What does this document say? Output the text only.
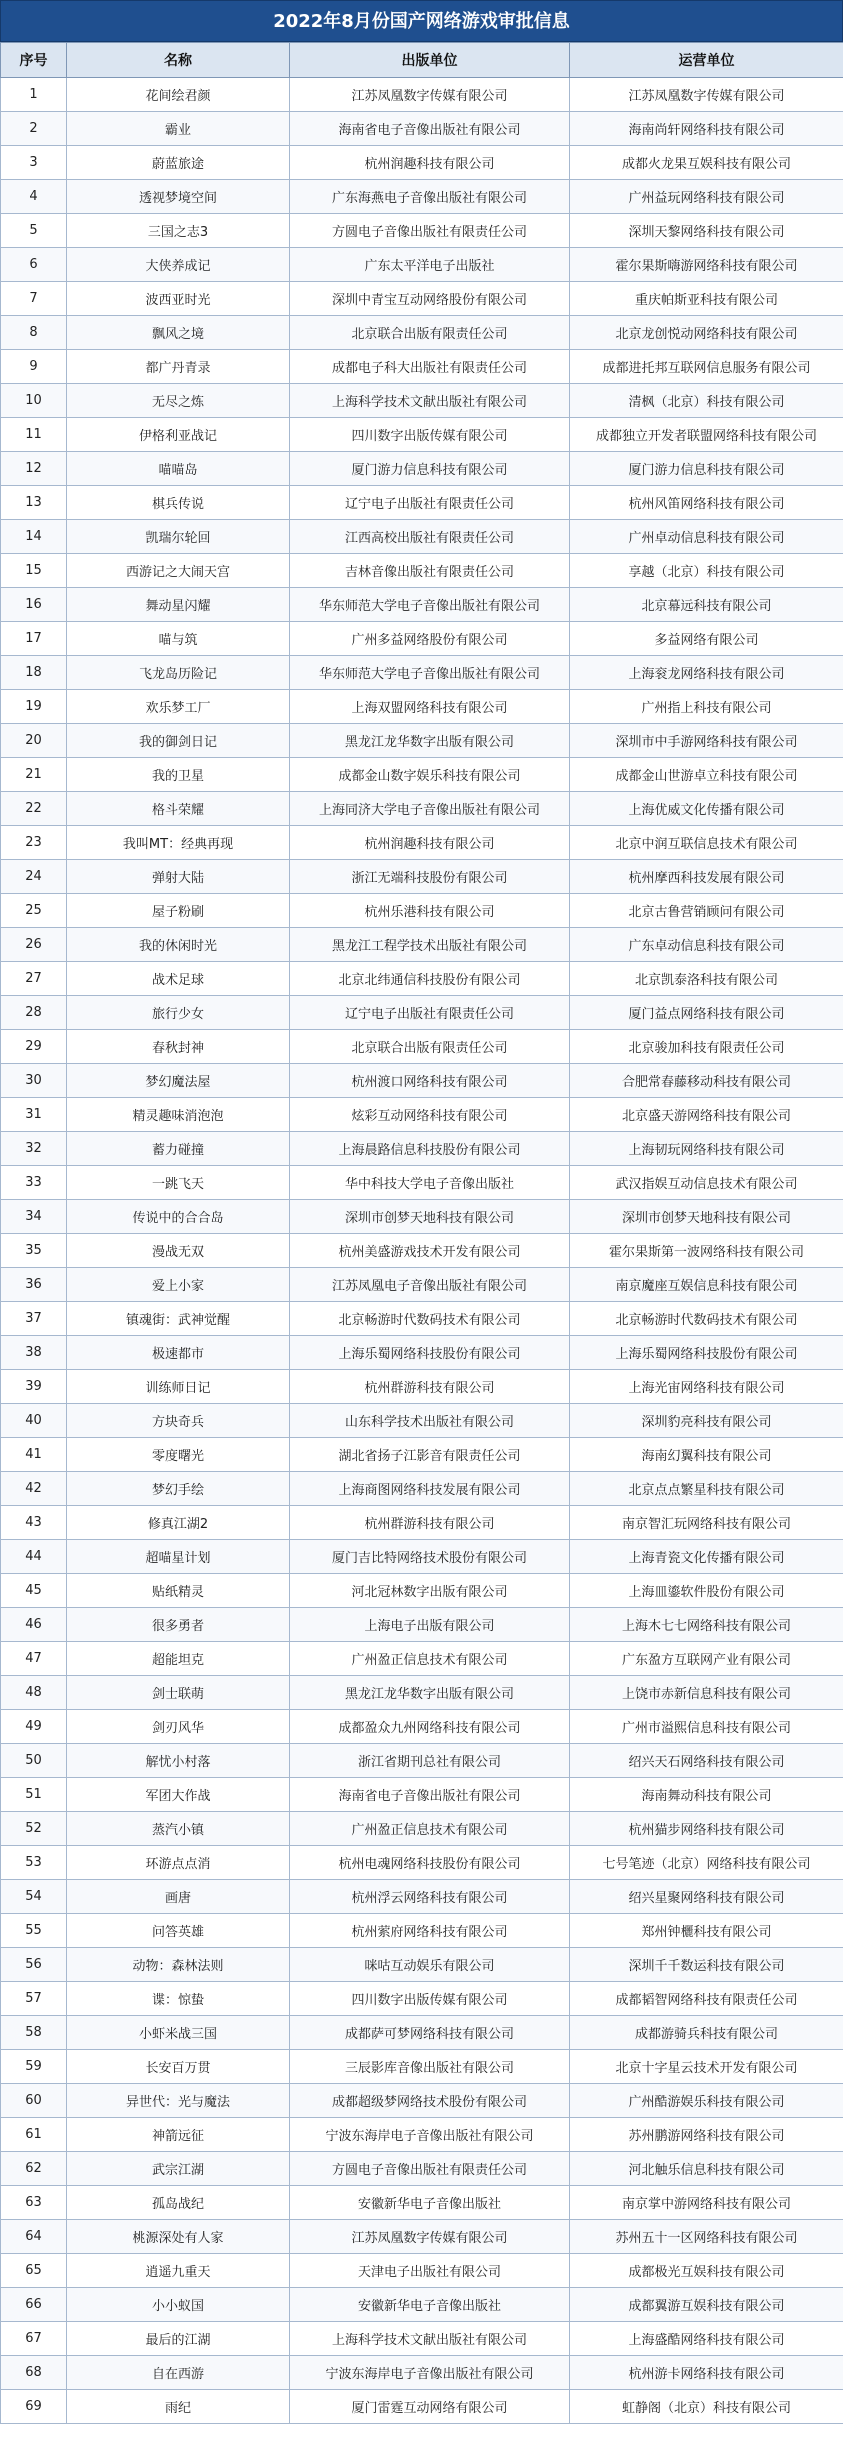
2022年8月份国产网络游戏审批信息
序号	名称	出版单位	运营单位
1	花间绘君颜	江苏凤凰数字传媒有限公司	江苏凤凰数字传媒有限公司
2	霸业	海南省电子音像出版社有限公司	海南尚轩网络科技有限公司
3	蔚蓝旅途	杭州润趣科技有限公司	成都火龙果互娱科技有限公司
4	透视梦境空间	广东海燕电子音像出版社有限公司	广州益玩网络科技有限公司
5	三国之志3	方圆电子音像出版社有限责任公司	深圳天黎网络科技有限公司
6	大侠养成记	广东太平洋电子出版社	霍尔果斯嗨游网络科技有限公司
7	波西亚时光	深圳中青宝互动网络股份有限公司	重庆帕斯亚科技有限公司
8	飘风之境	北京联合出版有限责任公司	北京龙创悦动网络科技有限公司
9	都广丹青录	成都电子科大出版社有限责任公司	成都进托邦互联网信息服务有限公司
10	无尽之炼	上海科学技术文献出版社有限公司	清枫（北京）科技有限公司
11	伊格利亚战记	四川数字出版传媒有限公司	成都独立开发者联盟网络科技有限公司
12	喵喵岛	厦门游力信息科技有限公司	厦门游力信息科技有限公司
13	棋兵传说	辽宁电子出版社有限责任公司	杭州风笛网络科技有限公司
14	凯瑞尔轮回	江西高校出版社有限责任公司	广州卓动信息科技有限公司
15	西游记之大闹天宫	吉林音像出版社有限责任公司	享越（北京）科技有限公司
16	舞动星闪耀	华东师范大学电子音像出版社有限公司	北京幕远科技有限公司
17	喵与筑	广州多益网络股份有限公司	多益网络有限公司
18	飞龙岛历险记	华东师范大学电子音像出版社有限公司	上海衮龙网络科技有限公司
19	欢乐梦工厂	上海双盟网络科技有限公司	广州指上科技有限公司
20	我的御剑日记	黑龙江龙华数字出版有限公司	深圳市中手游网络科技有限公司
21	我的卫星	成都金山数字娱乐科技有限公司	成都金山世游卓立科技有限公司
22	格斗荣耀	上海同济大学电子音像出版社有限公司	上海优威文化传播有限公司
23	我叫MT：经典再现	杭州润趣科技有限公司	北京中润互联信息技术有限公司
24	弹射大陆	浙江无端科技股份有限公司	杭州摩西科技发展有限公司
25	屋子粉刷	杭州乐港科技有限公司	北京古鲁营销顾问有限公司
26	我的休闲时光	黑龙江工程学技术出版社有限公司	广东卓动信息科技有限公司
27	战术足球	北京北纬通信科技股份有限公司	北京凯泰洛科技有限公司
28	旅行少女	辽宁电子出版社有限责任公司	厦门益点网络科技有限公司
29	春秋封神	北京联合出版有限责任公司	北京骏加科技有限责任公司
30	梦幻魔法屋	杭州渡口网络科技有限公司	合肥常春藤移动科技有限公司
31	精灵趣味消泡泡	炫彩互动网络科技有限公司	北京盛天游网络科技有限公司
32	蓄力碰撞	上海晨路信息科技股份有限公司	上海韧玩网络科技有限公司
33	一跳飞天	华中科技大学电子音像出版社	武汉指娱互动信息技术有限公司
34	传说中的合合岛	深圳市创梦天地科技有限公司	深圳市创梦天地科技有限公司
35	漫战无双	杭州美盛游戏技术开发有限公司	霍尔果斯第一波网络科技有限公司
36	爱上小家	江苏凤凰电子音像出版社有限公司	南京魔座互娱信息科技有限公司
37	镇魂街：武神觉醒	北京畅游时代数码技术有限公司	北京畅游时代数码技术有限公司
38	极速都市	上海乐蜀网络科技股份有限公司	上海乐蜀网络科技股份有限公司
39	训练师日记	杭州群游科技有限公司	上海光宙网络科技有限公司
40	方块奇兵	山东科学技术出版社有限公司	深圳豹亮科技有限公司
41	零度曙光	湖北省扬子江影音有限责任公司	海南幻翼科技有限公司
42	梦幻手绘	上海商图网络科技发展有限公司	北京点点繁星科技有限公司
43	修真江湖2	杭州群游科技有限公司	南京智汇玩网络科技有限公司
44	超喵星计划	厦门吉比特网络技术股份有限公司	上海青瓷文化传播有限公司
45	贴纸精灵	河北冠林数字出版有限公司	上海皿鎏软件股份有限公司
46	很多勇者	上海电子出版有限公司	上海木七七网络科技有限公司
47	超能坦克	广州盈正信息技术有限公司	广东盈方互联网产业有限公司
48	剑士联萌	黑龙江龙华数字出版有限公司	上饶市赤新信息科技有限公司
49	剑刃风华	成都盈众九州网络科技有限公司	广州市溢熙信息科技有限公司
50	解忧小村落	浙江省期刊总社有限公司	绍兴天石网络科技有限公司
51	军团大作战	海南省电子音像出版社有限公司	海南舞动科技有限公司
52	蒸汽小镇	广州盈正信息技术有限公司	杭州猫步网络科技有限公司
53	环游点点消	杭州电魂网络科技股份有限公司	七号笔迹（北京）网络科技有限公司
54	画唐	杭州浮云网络科技有限公司	绍兴星聚网络科技有限公司
55	问答英雄	杭州萦府网络科技有限公司	郑州钟欐科技有限公司
56	动物：森林法则	咪咕互动娱乐有限公司	深圳千千数运科技有限公司
57	谍：惊蛰	四川数字出版传媒有限公司	成都韬智网络科技有限责任公司
58	小虾米战三国	成都萨可梦网络科技有限公司	成都游骑兵科技有限公司
59	长安百万贯	三辰影库音像出版社有限公司	北京十字星云技术开发有限公司
60	异世代：光与魔法	成都超级梦网络技术股份有限公司	广州酷游娱乐科技有限公司
61	神箭远征	宁波东海岸电子音像出版社有限公司	苏州鹏游网络科技有限公司
62	武宗江湖	方圆电子音像出版社有限责任公司	河北触乐信息科技有限公司
63	孤岛战纪	安徽新华电子音像出版社	南京掌中游网络科技有限公司
64	桃源深处有人家	江苏凤凰数字传媒有限公司	苏州五十一区网络科技有限公司
65	逍遥九重天	天津电子出版社有限公司	成都极光互娱科技有限公司
66	小小蚁国	安徽新华电子音像出版社	成都翼游互娱科技有限公司
67	最后的江湖	上海科学技术文献出版社有限公司	上海盛酷网络科技有限公司
68	自在西游	宁波东海岸电子音像出版社有限公司	杭州游卡网络科技有限公司
69	雨纪	厦门雷霆互动网络有限公司	虹静阁（北京）科技有限公司
